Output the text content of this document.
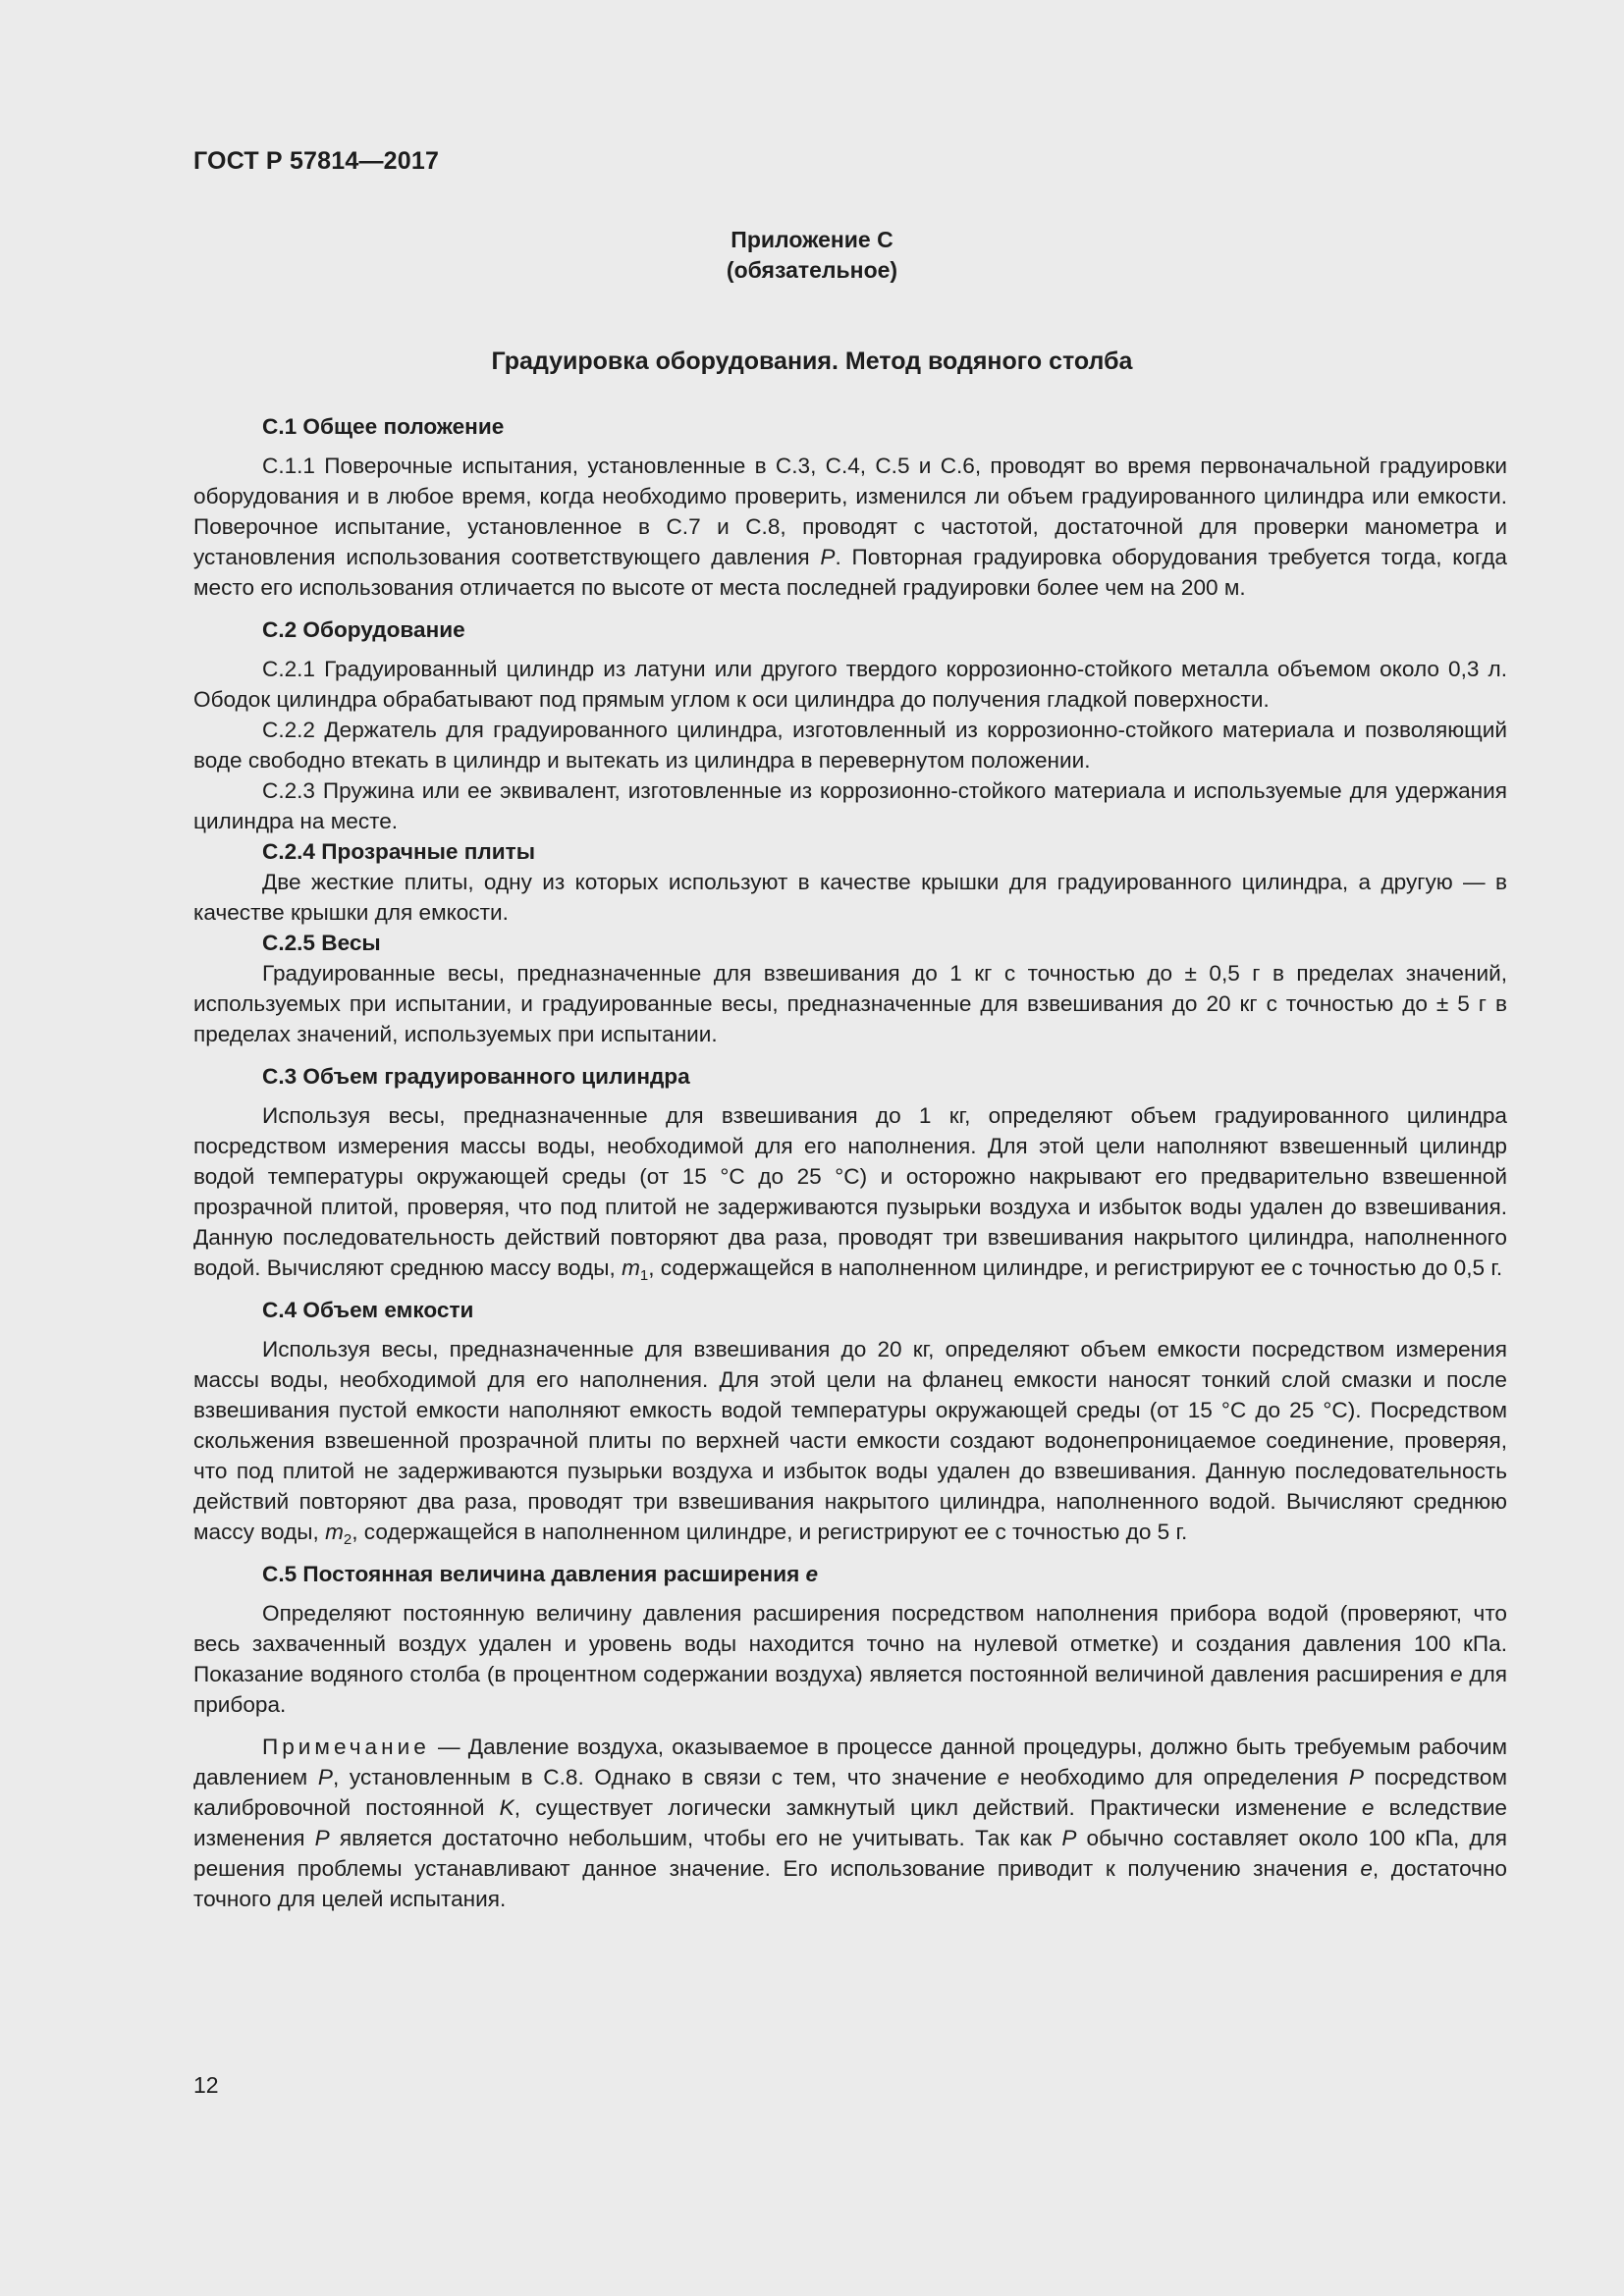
ГОСТ Р 57814—2017
Приложение С
(обязательное)
Градуировка оборудования. Метод водяного столба

С.1 Общее положение

С.1.1 Поверочные испытания, установленные в С.3, С.4, С.5 и С.6, проводят во время первоначальной градуировки оборудования и в любое время, когда необходимо проверить, изменился ли объем градуированного цилиндра или емкости. Поверочное испытание, установленное в С.7 и С.8, проводят с частотой, достаточной для проверки манометра и установления использования соответствующего давления Р. Повторная градуировка оборудования требуется тогда, когда место его использования отличается по высоте от места последней градуировки более чем на 200 м.

С.2 Оборудование

С.2.1 Градуированный цилиндр из латуни или другого твердого коррозионно-стойкого металла объемом около 0,3 л. Ободок цилиндра обрабатывают под прямым углом к оси цилиндра до получения гладкой поверхности.

С.2.2 Держатель для градуированного цилиндра, изготовленный из коррозионно-стойкого материала и позволяющий воде свободно втекать в цилиндр и вытекать из цилиндра в перевернутом положении.

С.2.3 Пружина или ее эквивалент, изготовленные из коррозионно-стойкого материала и используемые для удержания цилиндра на месте.

С.2.4 Прозрачные плиты

Две жесткие плиты, одну из которых используют в качестве крышки для градуированного цилиндра, а другую — в качестве крышки для емкости.

С.2.5 Весы

Градуированные весы, предназначенные для взвешивания до 1 кг с точностью до ± 0,5 г в пределах значений, используемых при испытании, и градуированные весы, предназначенные для взвешивания до 20 кг с точностью до ± 5 г в пределах значений, используемых при испытании.

С.3 Объем градуированного цилиндра

Используя весы, предназначенные для взвешивания до 1 кг, определяют объем градуированного цилиндра посредством измерения массы воды, необходимой для его наполнения. Для этой цели наполняют взвешенный цилиндр водой температуры окружающей среды (от 15 °С до 25 °С) и осторожно накрывают его предварительно взвешенной прозрачной плитой, проверяя, что под плитой не задерживаются пузырьки воздуха и избыток воды удален до взвешивания. Данную последовательность действий повторяют два раза, проводят три взвешивания накрытого цилиндра, наполненного водой. Вычисляют среднюю массу воды, $m_1$, содержащейся в наполненном цилиндре, и регистрируют ее с точностью до 0,5 г.

С.4 Объем емкости

Используя весы, предназначенные для взвешивания до 20 кг, определяют объем емкости посредством измерения массы воды, необходимой для его наполнения. Для этой цели на фланец емкости наносят тонкий слой смазки и после взвешивания пустой емкости наполняют емкость водой температуры окружающей среды (от 15 °С до 25 °С). Посредством скольжения взвешенной прозрачной плиты по верхней части емкости создают водонепроницаемое соединение, проверяя, что под плитой не задерживаются пузырьки воздуха и избыток воды удален до взвешивания. Данную последовательность действий повторяют два раза, проводят три взвешивания накрытого цилиндра, наполненного водой. Вычисляют среднюю массу воды, $m_2$, содержащейся в наполненном цилиндре, и регистрируют ее с точностью до 5 г.

С.5 Постоянная величина давления расширения е

Определяют постоянную величину давления расширения посредством наполнения прибора водой (проверяют, что весь захваченный воздух удален и уровень воды находится точно на нулевой отметке) и создания давления 100 кПа. Показание водяного столба (в процентном содержании воздуха) является постоянной величиной давления расширения е для прибора.

Примечание — Давление воздуха, оказываемое в процессе данной процедуры, должно быть требуемым рабочим давлением Р, установленным в С.8. Однако в связи с тем, что значение е необходимо для определения Р посредством калибровочной постоянной K, существует логически замкнутый цикл действий. Практически изменение е вследствие изменения Р является достаточно небольшим, чтобы его не учитывать. Так как Р обычно составляет около 100 кПа, для решения проблемы устанавливают данное значение. Его использование приводит к получению значения е, достаточно точного для целей испытания.

12
